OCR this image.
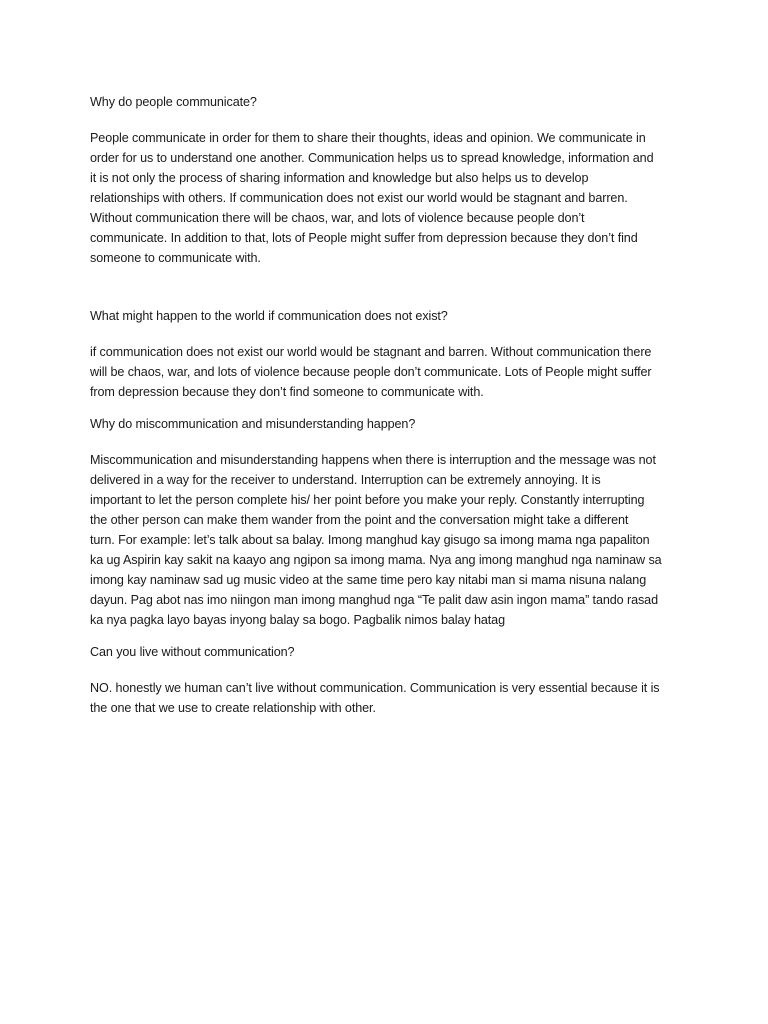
Why do people communicate?
People communicate in order for them to share their thoughts, ideas and opinion. We communicate in
order for us to understand one another. Communication helps us to spread knowledge, information and
it is not only the process of sharing information and knowledge but also helps us to develop
relationships with others. If communication does not exist our world would be stagnant and barren.
Without communication there will be chaos, war, and lots of violence because people don’t
communicate. In addition to that, lots of People might suffer from depression because they don’t find
someone to communicate with.
What might happen to the world if communication does not exist?
if communication does not exist our world would be stagnant and barren. Without communication there
will be chaos, war, and lots of violence because people don’t communicate. Lots of People might suffer
from depression because they don’t find someone to communicate with.
Why do miscommunication and misunderstanding happen?
Miscommunication and misunderstanding happens when there is interruption and the message was not
delivered in a way for the receiver to understand. Interruption can be extremely annoying. It is
important to let the person complete his/ her point before you make your reply. Constantly interrupting
the other person can make them wander from the point and the conversation might take a different
turn. For example: let’s talk about sa balay. Imong manghud kay gisugo sa imong mama nga papaliton
ka ug Aspirin kay sakit na kaayo ang ngipon sa imong mama. Nya ang imong manghud nga naminaw sa
imong kay naminaw sad ug music video at the same time pero kay nitabi man si mama nisuna nalang
dayun. Pag abot nas imo niingon man imong manghud nga “Te palit daw asin ingon mama” tando rasad
ka nya pagka layo bayas inyong balay sa bogo. Pagbalik nimos balay hatag
Can you live without communication?
NO. honestly we human can’t live without communication. Communication is very essential because it is
the one that we use to create relationship with other.
